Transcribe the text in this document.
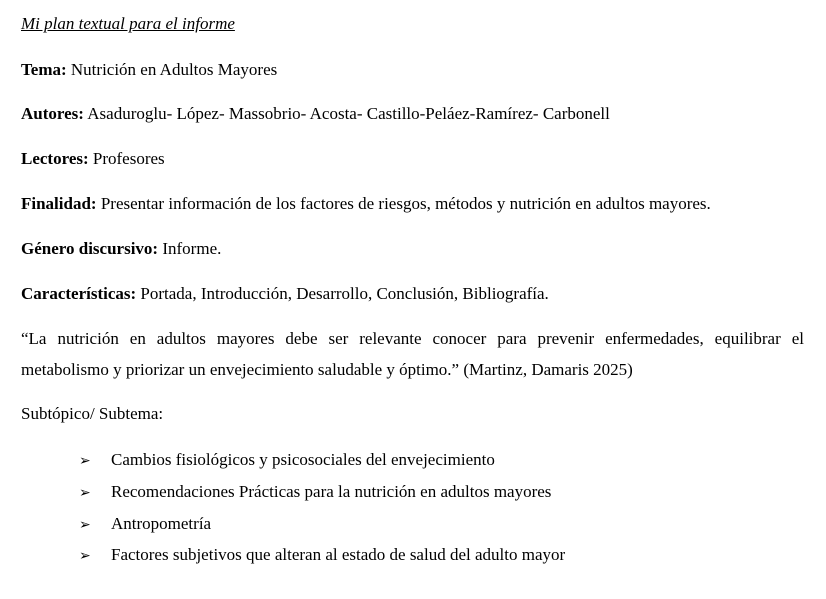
Mi plan textual para el informe
Tema: Nutrición en Adultos Mayores
Autores: Asaduroglu- López- Massobrio- Acosta- Castillo-Peláez-Ramírez- Carbonell
Lectores: Profesores
Finalidad: Presentar información de los factores de riesgos, métodos y nutrición en adultos mayores.
Género discursivo: Informe.
Características: Portada, Introducción, Desarrollo, Conclusión, Bibliografía.
“La nutrición en adultos mayores debe ser relevante conocer para prevenir enfermedades, equilibrar el metabolismo y priorizar un envejecimiento saludable y óptimo.” (Martinz, Damaris 2025)
Subtópico/ Subtema:
➢ Cambios fisiológicos y psicosociales del envejecimiento
➢ Recomendaciones Prácticas para la nutrición en adultos mayores
➢ Antropometría
➢ Factores subjetivos que alteran al estado de salud del adulto mayor
